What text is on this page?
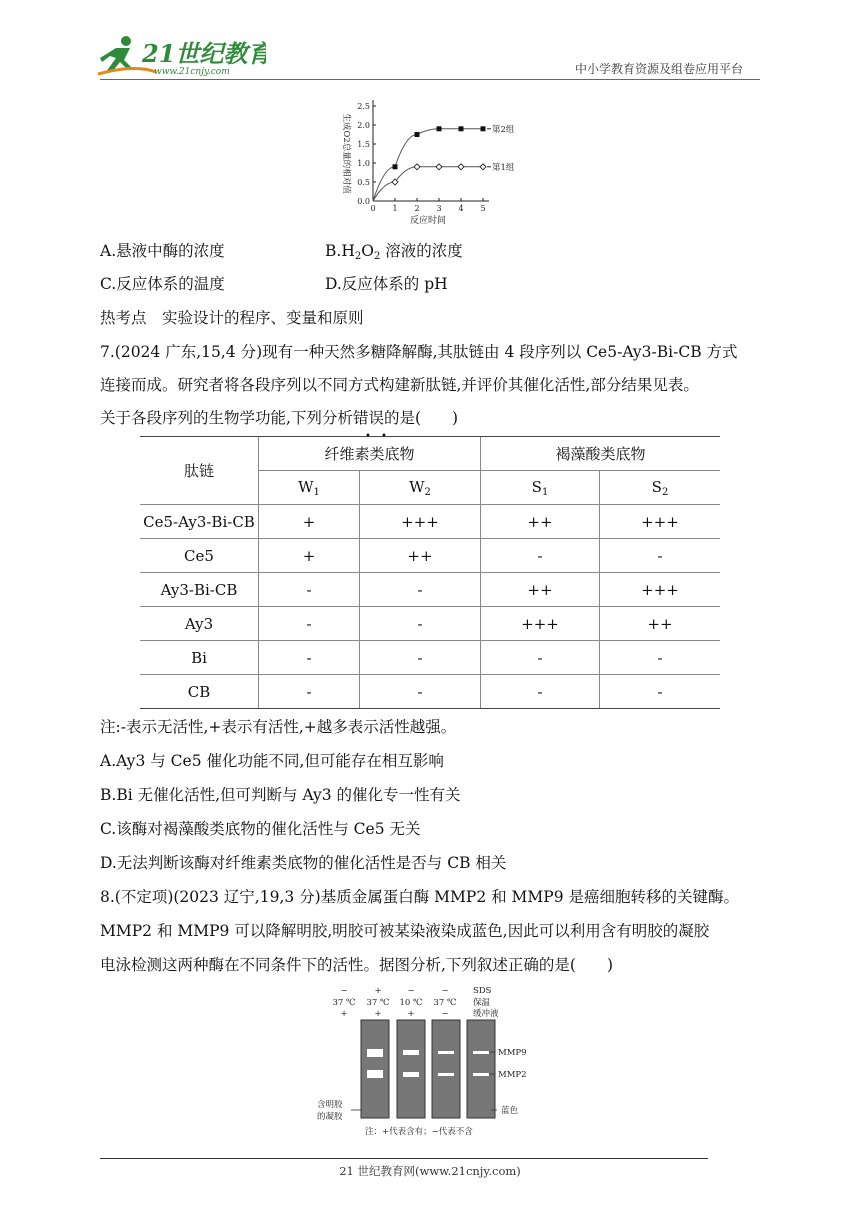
21世纪教育
www.21cnjy.com	中小学教育资源及组卷应用平台
0.0
0.5
1.0
1.5
2.0
2.5
0 1 2 3 4 5
反应时间
生成O2总量的相对值	第2组
第1组
A.悬液中酶的浓度	$B.H_2O_2$ 溶液的浓度
C.反应体系的温度	D.反应体系的 pH
热考点　实验设计的程序、变量和原则
7.(2024 广东,15,4 分)现有一种天然多糖降解酶,其肽链由 4 段序列以 Ce5-Ay3-Bi-CB 方式
连接而成。研究者将各段序列以不同方式构建新肽链,并评价其催化活性,部分结果见表。
关于各段序列的生物学功能,下列分析错误的是(　　)
• •
肽链	纤维素类底物		褐藻酸类底物	
	$W_1$	$W_2$	$S_1$	$S_2$
Ce5-Ay3-Bi-CB	+	+++	++	+++
Ce5	+	++	-	-
Ay3-Bi-CB	-	-	++	+++
Ay3	-	-	+++	++
Bi	-	-	-	-
CB	-	-	-	-
注:-表示无活性,+表示有活性,+越多表示活性越强。
A.Ay3 与 Ce5 催化功能不同,但可能存在相互影响
B.Bi 无催化活性,但可判断与 Ay3 的催化专一性有关
C.该酶对褐藻酸类底物的催化活性与 Ce5 无关
D.无法判断该酶对纤维素类底物的催化活性是否与 CB 相关
8.(不定项)(2023 辽宁,19,3 分)基质金属蛋白酶 MMP2 和 MMP9 是癌细胞转移的关键酶。
MMP2 和 MMP9 可以降解明胶,明胶可被某染液染成蓝色,因此可以利用含有明胶的凝胶
电泳检测这两种酶在不同条件下的活性。据图分析,下列叙述正确的是(　　)
−	+	−	−
37 ℃ 37 ℃ 10 ℃ 37 ℃
+	+	+	−
SDS
保温
缓冲液
MMP9
MMP2
蓝色
含明胶
的凝胶
注：+代表含有；−代表不含
21 世纪教育网(www.21cnjy.com)
